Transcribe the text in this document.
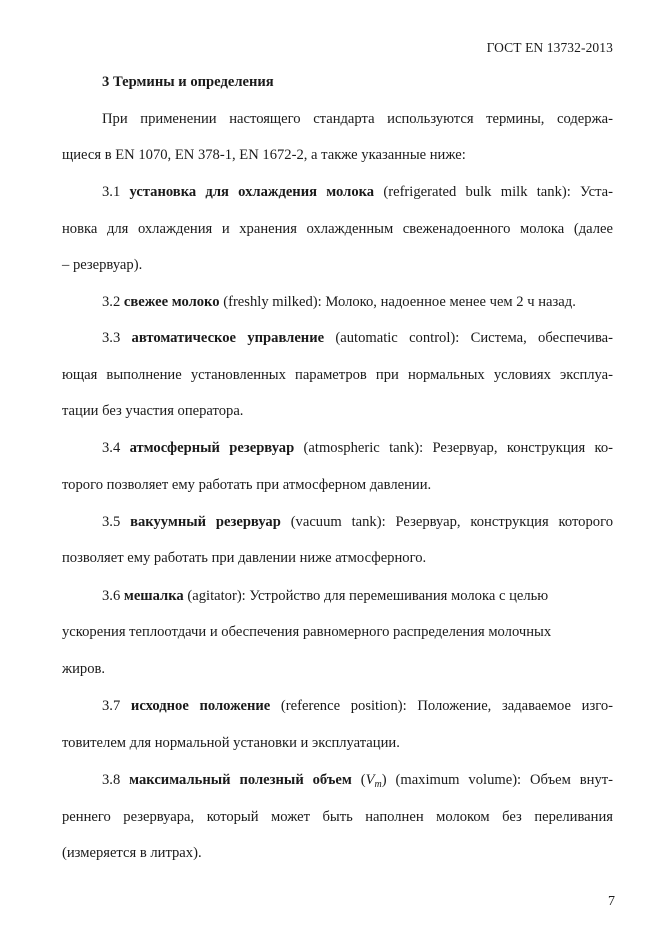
ГОСТ EN 13732-2013
3 Термины и определения
При применении настоящего стандарта используются термины, содержа-
щиеся в EN 1070, EN 378-1, EN 1672-2, а также указанные ниже:
3.1 установка для охлаждения молока (refrigerated bulk milk tank): Уста-
новка для охлаждения и хранения охлажденным свеженадоенного молока (далее
– резервуар).
3.2 свежее молоко (freshly milked): Молоко, надоенное менее чем 2 ч назад.
3.3 автоматическое управление (automatic control): Система, обеспечива-
ющая выполнение установленных параметров при нормальных условиях эксплуа-
тации без участия оператора.
3.4 атмосферный резервуар (atmospheric tank): Резервуар, конструкция ко-
торого позволяет ему работать при атмосферном давлении.
3.5 вакуумный резервуар (vacuum tank): Резервуар, конструкция которого
позволяет ему работать при давлении ниже атмосферного.
3.6 мешалка (agitator): Устройство для перемешивания молока с целью
ускорения теплоотдачи и обеспечения равномерного распределения молочных
жиров.
3.7 исходное положение (reference position): Положение, задаваемое изго-
товителем для нормальной установки и эксплуатации.
3.8 максимальный полезный объем $(V_m)$ (maximum volume): Объем внут-
реннего резервуара, который может быть наполнен молоком без переливания
(измеряется в литрах).
7
